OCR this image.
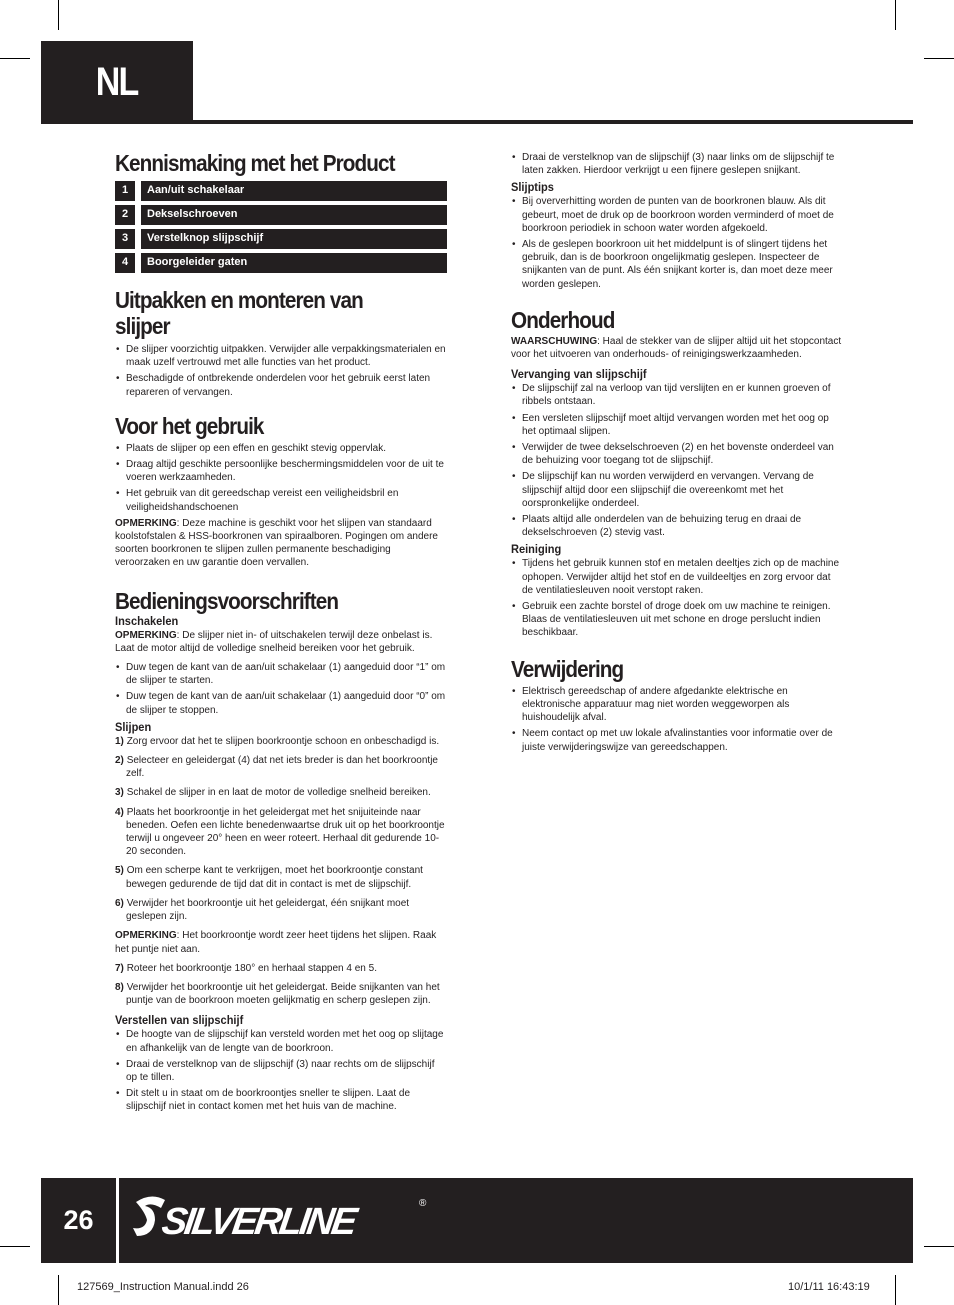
NL
Kennismaking met het Product
1	Aan/uit schakelaar
2	Dekselschroeven
3	Verstelknop slijpschijf
4	Boorgeleider gaten
Uitpakken en monteren van slijper
• De slijper voorzichtig uitpakken. Verwijder alle verpakkingsmaterialen en maak uzelf vertrouwd met alle functies van het product.
• Beschadigde of ontbrekende onderdelen voor het gebruik eerst laten repareren of vervangen.
Voor het gebruik
• Plaats de slijper op een effen en geschikt stevig oppervlak.
• Draag altijd geschikte persoonlijke beschermingsmiddelen voor de uit te voeren werkzaamheden.
• Het gebruik van dit gereedschap vereist een veiligheidsbril en veiligheidshandschoenen

OPMERKING: Deze machine is geschikt voor het slijpen van standaard koolstofstalen & HSS-boorkronen van spiraalboren. Pogingen om andere soorten boorkronen te slijpen zullen permanente beschadiging veroorzaken en uw garantie doen vervallen.

Bedieningsvoorschriften
Inschakelen

OPMERKING: De slijper niet in- of uitschakelen terwijl deze onbelast is. Laat de motor altijd de volledige snelheid bereiken voor het gebruik.

• Duw tegen de kant van de aan/uit schakelaar (1) aangeduid door “1” om de slijper te starten.
• Duw tegen de kant van de aan/uit schakelaar (1) aangeduid door “0” om de slijper te stoppen.
Slijpen
1) Zorg ervoor dat het te slijpen boorkroontje schoon en onbeschadigd is.
2) Selecteer en geleidergat (4) dat net iets breder is dan het boorkroontje zelf.
3) Schakel de slijper in en laat de motor de volledige snelheid bereiken.
4) Plaats het boorkroontje in het geleidergat met het snijuiteinde naar beneden. Oefen een lichte benedenwaartse druk uit op het boorkroontje terwijl u ongeveer 20° heen en weer roteert. Herhaal dit gedurende 10-20 seconden.
5) Om een scherpe kant te verkrijgen, moet het boorkroontje constant bewegen gedurende de tijd dat dit in contact is met de slijpschijf.
6) Verwijder het boorkroontje uit het geleidergat, één snijkant moet geslepen zijn.

OPMERKING: Het boorkroontje wordt zeer heet tijdens het slijpen. Raak het puntje niet aan.

7) Roteer het boorkroontje 180° en herhaal stappen 4 en 5.
8) Verwijder het boorkroontje uit het geleidergat. Beide snijkanten van het puntje van de boorkroon moeten gelijkmatig en scherp geslepen zijn.
Verstellen van slijpschijf
• De hoogte van de slijpschijf kan versteld worden met het oog op slijtage en afhankelijk van de lengte van de boorkroon.
• Draai de verstelknop van de slijpschijf (3) naar rechts om de slijpschijf op te tillen.
• Dit stelt u in staat om de boorkroontjes sneller te slijpen. Laat de slijpschijf niet in contact komen met het huis van de machine.
• Draai de verstelknop van de slijpschijf (3) naar links om de slijpschijf te laten zakken. Hierdoor verkrijgt u een fijnere geslepen snijkant.
Slijptips
• Bij oververhitting worden de punten van de boorkronen blauw. Als dit gebeurt, moet de druk op de boorkroon worden verminderd of moet de boorkroon periodiek in schoon water worden afgekoeld.
• Als de geslepen boorkroon uit het middelpunt is of slingert tijdens het gebruik, dan is de boorkroon ongelijkmatig geslepen. Inspecteer de snijkanten van de punt. Als één snijkant korter is, dan moet deze meer worden geslepen.
Onderhoud

WAARSCHUWING: Haal de stekker van de slijper altijd uit het stopcontact voor het uitvoeren van onderhouds- of reinigingswerkzaamheden.

Vervanging van slijpschijf
• De slijpschijf zal na verloop van tijd verslijten en er kunnen groeven of ribbels ontstaan.
• Een versleten slijpschijf moet altijd vervangen worden met het oog op het optimaal slijpen.
• Verwijder de twee dekselschroeven (2) en het bovenste onderdeel van de behuizing voor toegang tot de slijpschijf.
• De slijpschijf kan nu worden verwijderd en vervangen. Vervang de slijpschijf altijd door een slijpschijf die overeenkomt met het oorspronkelijke onderdeel.
• Plaats altijd alle onderdelen van de behuizing terug en draai de dekselschroeven (2) stevig vast.
Reiniging
• Tijdens het gebruik kunnen stof en metalen deeltjes zich op de machine ophopen. Verwijder altijd het stof en de vuildeeltjes en zorg ervoor dat de ventilatiesleuven nooit verstopt raken.
• Gebruik een zachte borstel of droge doek om uw machine te reinigen. Blaas de ventilatiesleuven uit met schone en droge perslucht indien beschikbaar.
Verwijdering
• Elektrisch gereedschap of andere afgedankte elektrische en elektronische apparatuur mag niet worden weggeworpen als huishoudelijk afval.
• Neem contact op met uw lokale afvalinstanties voor informatie over de juiste verwijderingswijze van gereedschappen.
26	SILVERLINE	®
127569_Instruction Manual.indd 26	10/1/11 16:43:19
